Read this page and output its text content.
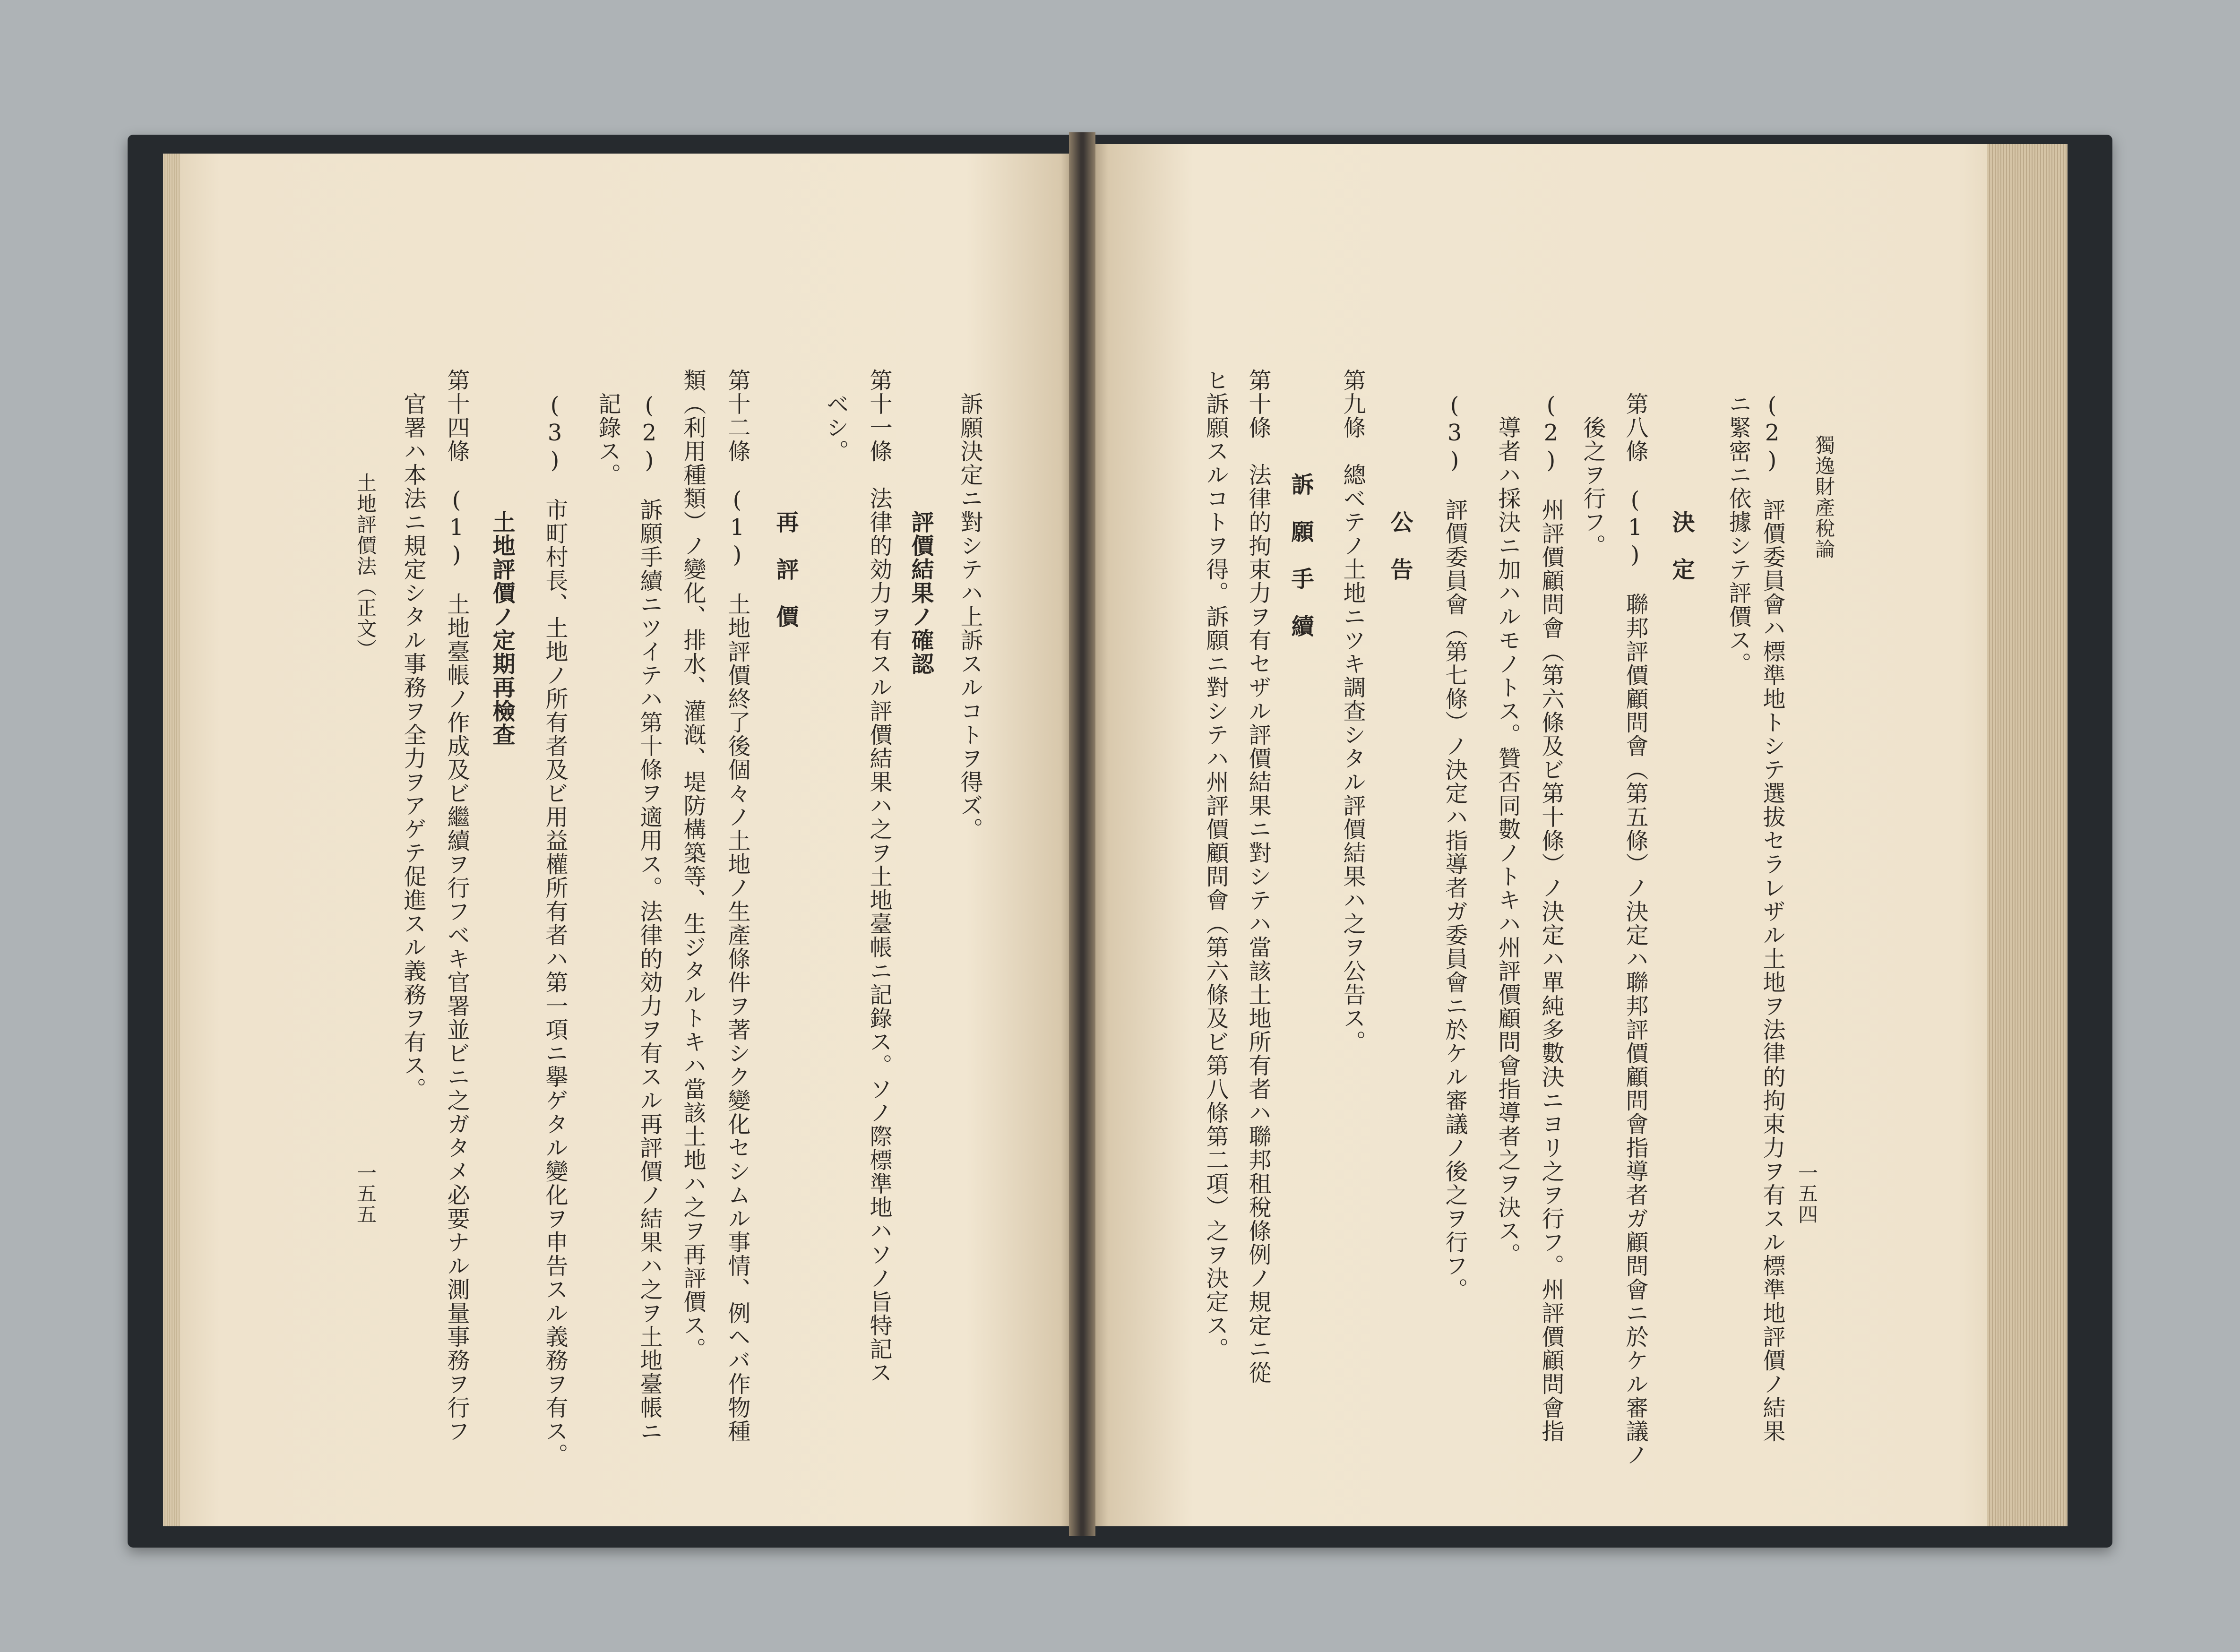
獨逸財產稅論
(2)　評價委員會ハ標準地トシテ選拔セラレザル土地ヲ法律的拘束力ヲ有スル標準地評價ノ結果
ニ緊密ニ依據シテ評價ス。
決　定
第八條　(1)　聯邦評價顧問會（第五條）ノ決定ハ聯邦評價顧問會指導者ガ顧問會ニ於ケル審議ノ
後之ヲ行フ。
(2)　州評價顧問會（第六條及ビ第十條）ノ決定ハ單純多數決ニヨリ之ヲ行フ。州評價顧問會指
導者ハ採決ニ加ハルモノトス。贊否同數ノトキハ州評價顧問會指導者之ヲ決ス。
(3)　評價委員會（第七條）ノ決定ハ指導者ガ委員會ニ於ケル審議ノ後之ヲ行フ。
公　告
第九條　總ベテノ土地ニツキ調查シタル評價結果ハ之ヲ公告ス。
訴　願　手　續
第十條　法律的拘束力ヲ有セザル評價結果ニ對シテハ當該土地所有者ハ聯邦租稅條例ノ規定ニ從
ヒ訴願スルコトヲ得。訴願ニ對シテハ州評價顧問會（第六條及ビ第八條第二項）之ヲ決定ス。	一五四
訴願決定ニ對シテハ上訴スルコトヲ得ズ。
評價結果ノ確認
第十一條　法律的効力ヲ有スル評價結果ハ之ヲ土地臺帳ニ記錄ス。ソノ際標準地ハソノ旨特記ス
ベシ。
再　評　價
第十二條　(1)　土地評價終了後個々ノ土地ノ生產條件ヲ著シク變化セシムル事情、例ヘバ作物種
類（利用種類）ノ變化、排水、灌漑、堤防構築等、生ジタルトキハ當該土地ハ之ヲ再評價ス。
(2)　訴願手續ニツイテハ第十條ヲ適用ス。法律的効力ヲ有スル再評價ノ結果ハ之ヲ土地臺帳ニ
記錄ス。
(3)　市町村長、土地ノ所有者及ビ用益權所有者ハ第一項ニ擧ゲタル變化ヲ申告スル義務ヲ有ス。
土地評價ノ定期再檢查
第十四條　(1)　土地臺帳ノ作成及ビ繼續ヲ行フベキ官署並ビニ之ガタメ必要ナル測量事務ヲ行フ
官署ハ本法ニ規定シタル事務ヲ全力ヲアゲテ促進スル義務ヲ有ス。
土地評價法（正文）
一五五
